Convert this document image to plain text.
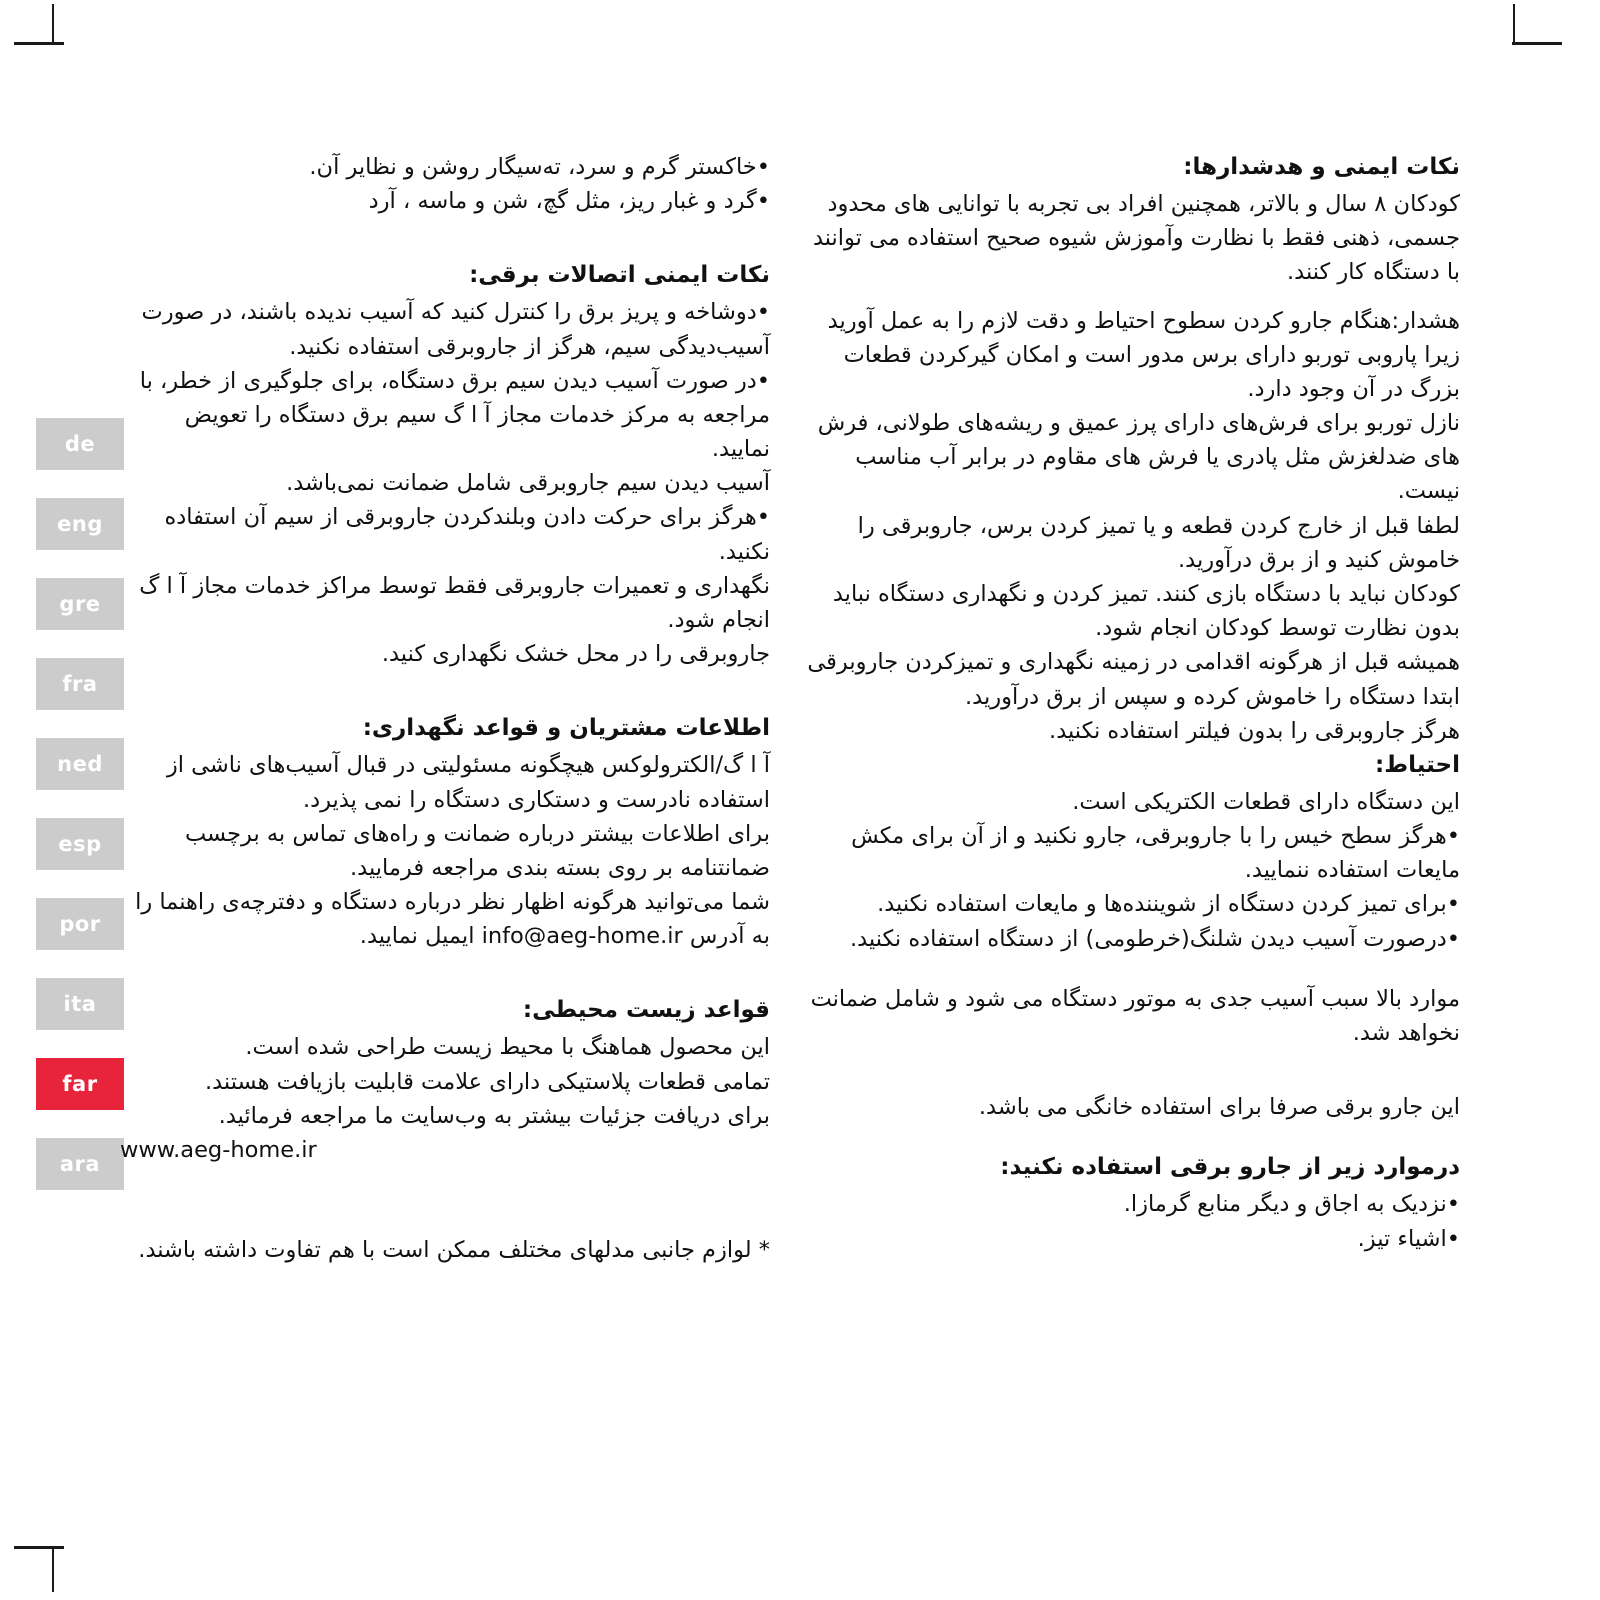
de
eng
gre
fra
ned
esp
por
ita
far
ara

نکات ایمنی و هدشدارها:

کودکان ۸ سال و بالاتر، همچنین افراد بی تجربه با توانایی های محدود جسمی، ذهنی فقط با نظارت وآموزش شیوه صحیح استفاده می توانند با دستگاه کار کنند.

هشدار:هنگام جارو کردن سطوح احتیاط و دقت لازم را به عمل آورید زیرا پاروبی توربو دارای برس مدور است و امکان گیرکردن قطعات بزرگ در آن وجود دارد.

نازل توربو برای فرش‌های دارای پرز عمیق و ریشه‌های طولانی، فرش های ضدلغزش مثل پادری یا فرش های مقاوم در برابر آب مناسب نیست.

لطفا قبل از خارج کردن قطعه و یا تمیز کردن برس، جاروبرقی را خاموش کنید و از برق درآورید.

کودکان نباید با دستگاه بازی کنند. تمیز کردن و نگهداری دستگاه نباید بدون نظارت توسط کودکان انجام شود.

همیشه قبل از هرگونه اقدامی در زمینه نگهداری و تمیزکردن جاروبرقی ابتدا دستگاه را خاموش کرده و سپس از برق درآورید.

هرگز جاروبرقی را بدون فیلتر استفاده نکنید.

احتیاط:

این دستگاه دارای قطعات الکتریکی است.

•هرگز سطح خیس را با جاروبرقی، جارو نکنید و از آن برای مکش مایعات استفاده ننمایید.

•برای تمیز کردن دستگاه از شویننده‌ها و مایعات استفاده نکنید.

•درصورت آسیب دیدن شلنگ(خرطومی) از دستگاه استفاده نکنید.

موارد بالا سبب آسیب جدی به موتور دستگاه می شود و شامل ضمانت نخواهد شد.

این جارو برقی صرفا برای استفاده خانگی می باشد.

درموارد زیر از جارو برقی استفاده نکنید:

•نزدیک به اجاق و دیگر منابع گرمازا.

•اشیاء تیز.

•خاکستر گرم و سرد، تەسیگار روشن و نظایر آن.

•گرد و غبار ریز، مثل گچ، شن و ماسه ، آرد

نکات ایمنی اتصالات برقی:

•دوشاخه و پریز برق را کنترل کنید که آسیب ندیده باشند، در صورت آسیب‌دیدگی سیم، هرگز از جاروبرقی استفاده نکنید.

•در صورت آسیب دیدن سیم برق دستگاه، برای جلوگیری از خطر، با مراجعه به مرکز خدمات مجاز آ ا گ سیم برق دستگاه را تعویض نمایید.

آسیب دیدن سیم جاروبرقی شامل ضمانت نمی‌باشد.

•هرگز برای حرکت دادن وبلندکردن جاروبرقی از سیم آن استفاده نکنید.

نگهداری و تعمیرات جاروبرقی فقط توسط مراکز خدمات مجاز آ ا گ انجام شود.

جاروبرقی را در محل خشک نگهداری کنید.

اطلاعات مشتریان و قواعد نگهداری:

آ ا گ/الکترولوکس هیچگونه مسئولیتی در قبال آسیب‌های ناشی از استفاده نادرست و دستکاری دستگاه را نمی پذیرد.

برای اطلاعات بیشتر درباره ضمانت و راه‌های تماس به برچسب ضمانتنامه بر روی بسته بندی مراجعه فرمایید.

شما می‌توانید هرگونه اظهار نظر درباره دستگاه و دفترچه‌ی راهنما را به آدرس info@aeg-home.ir ایمیل نمایید.

قواعد زیست محیطی:

این محصول هماهنگ با محیط زیست طراحی شده است.

تمامی قطعات پلاستیکی دارای علامت قابلیت بازیافت هستند.

برای دریافت جزئیات بیشتر به وب‌سایت ما مراجعه فرمائید.

www.aeg-home.ir

* لوازم جانبی مدلهای مختلف ممکن است با هم تفاوت داشته باشند.
